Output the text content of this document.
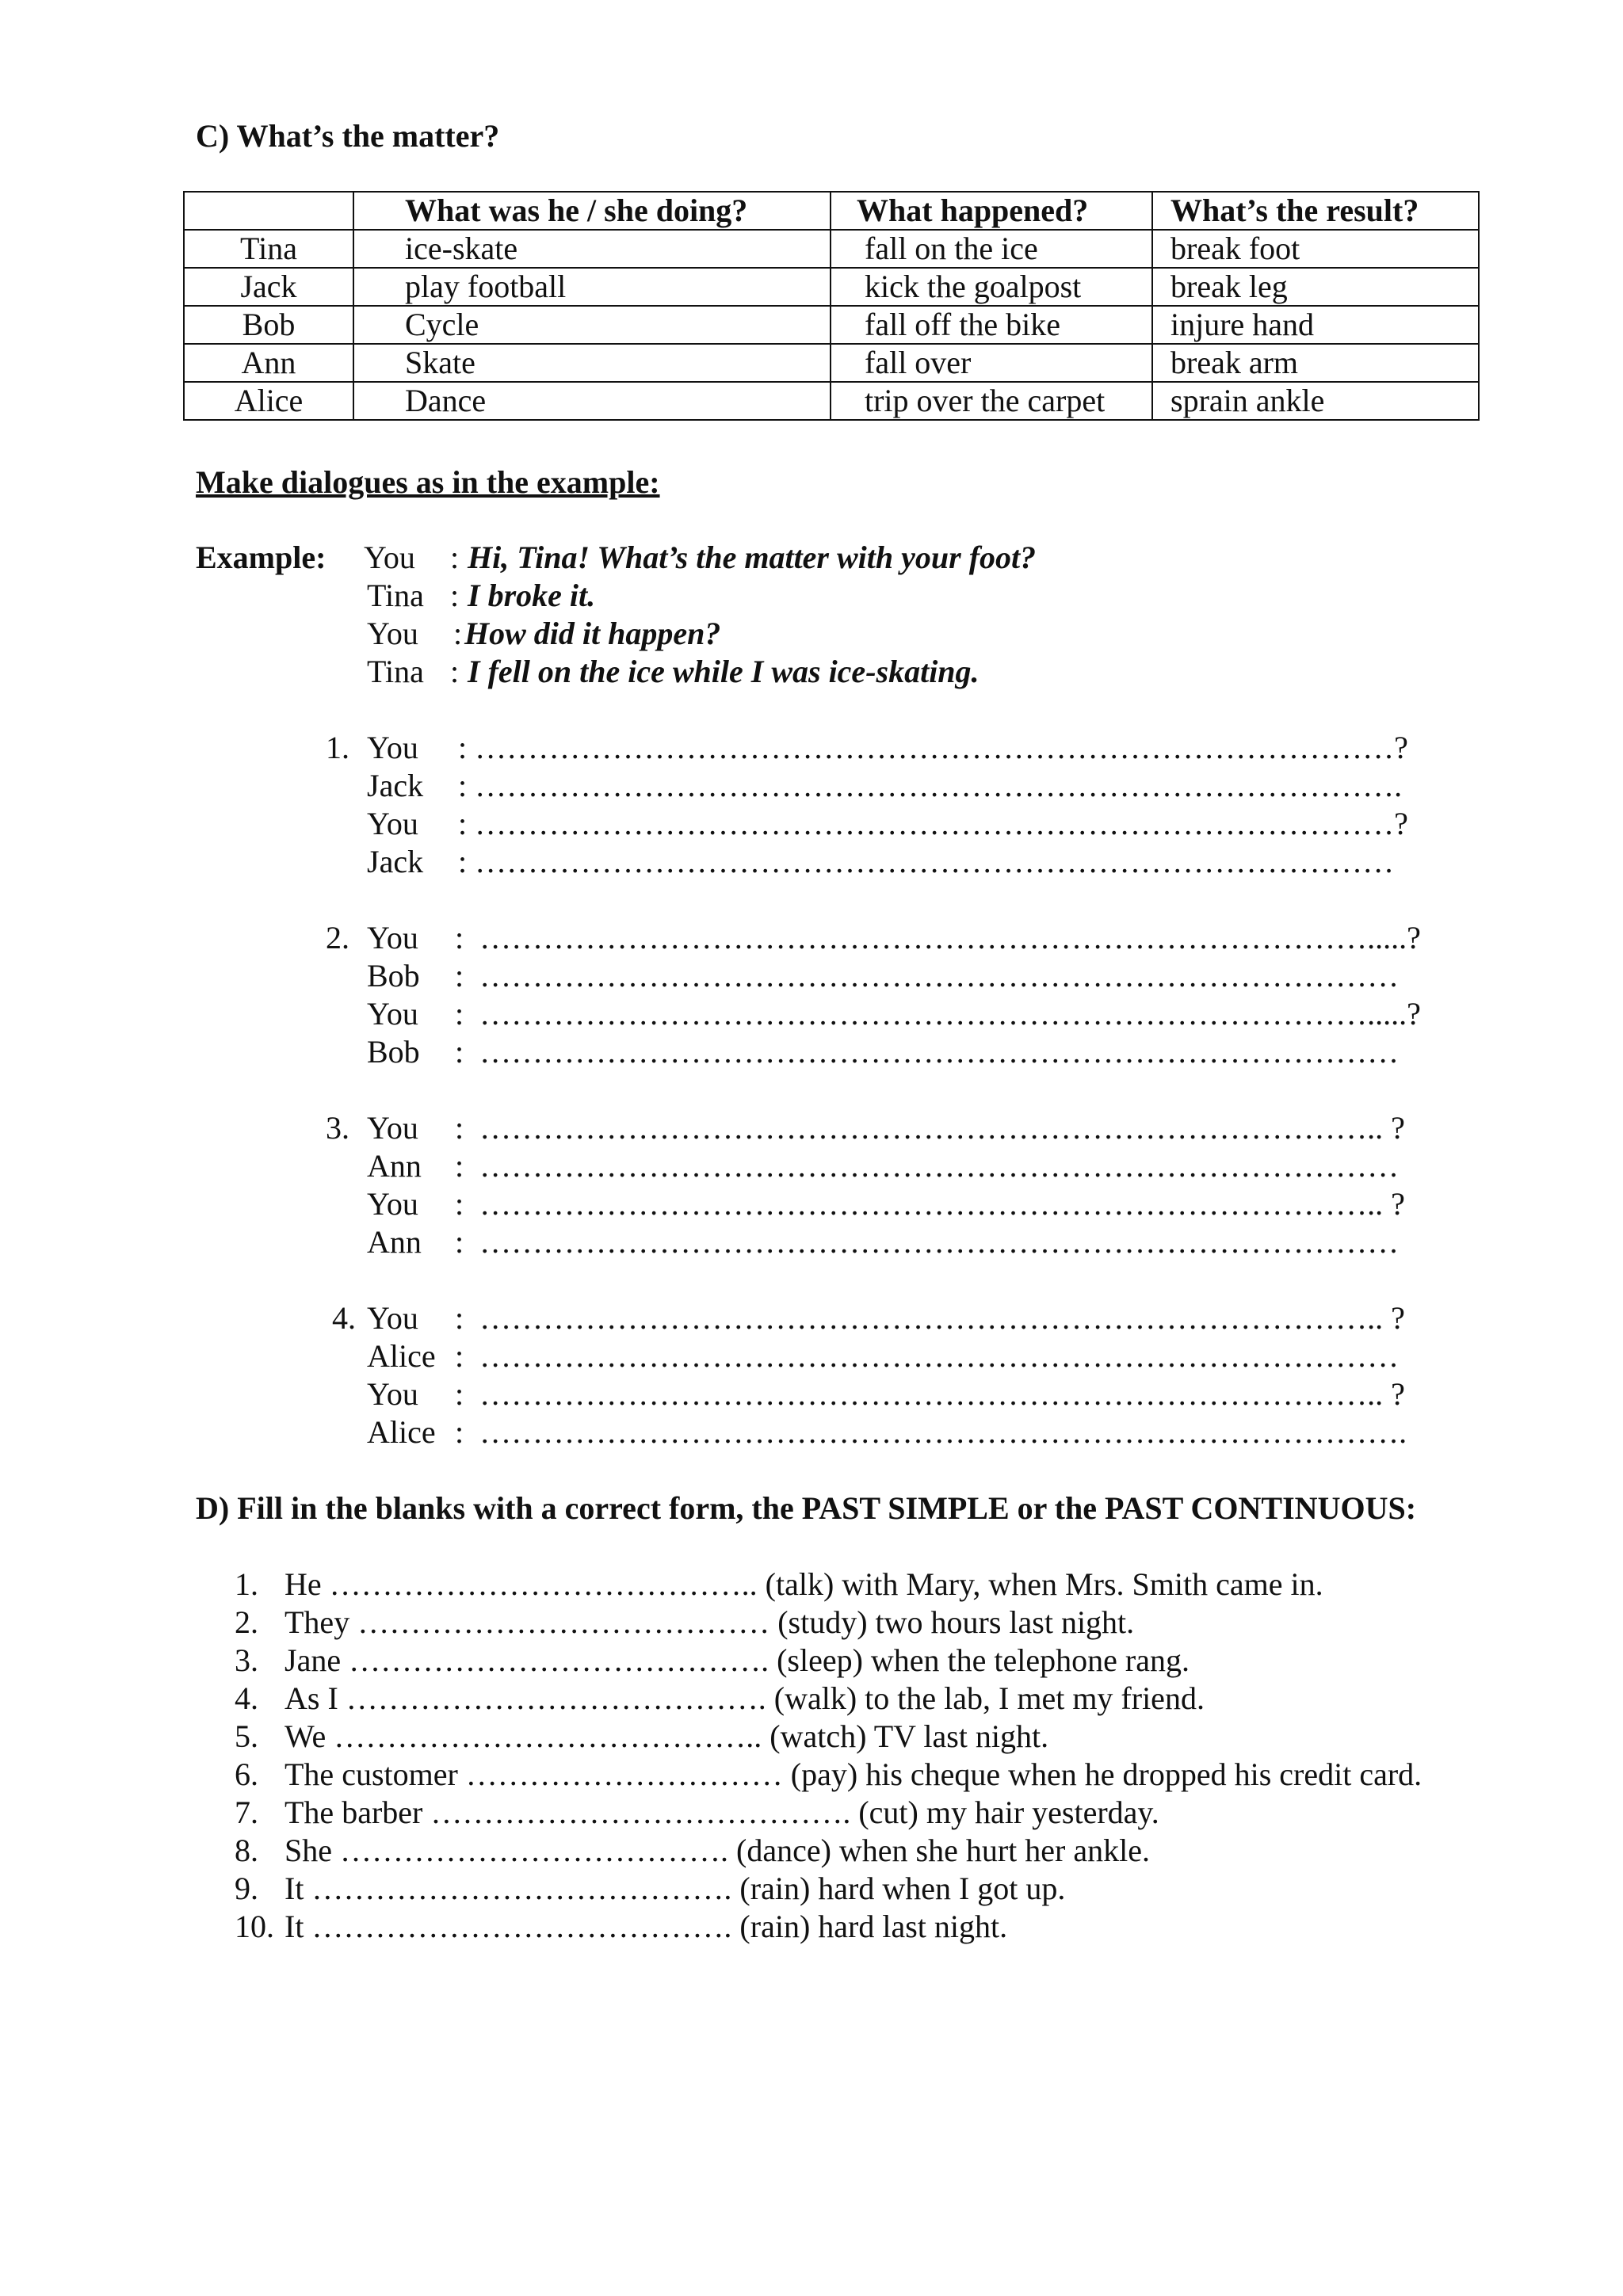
C) What’s the matter?
	What was he / she doing?	What happened?	What’s the result?
Tina	ice-skate	fall on the ice	break foot
Jack	play football	kick the goalpost	break leg
Bob	Cycle	fall off the bike	injure hand
Ann	Skate	fall over	break arm
Alice	Dance	trip over the carpet	sprain ankle
Make dialogues as in the example:
Example: You : Hi, Tina! What’s the matter with your foot?
Tina : I broke it.
You : How did it happen?
Tina : I fell on the ice while I was ice-skating.
1. You : ……………………………………………………………………………?
Jack : …………………………………………………………………………….
You : ……………………………………………………………………………?
Jack : ……………………………………………………………………………
2. You :  ………………………………………………………………………….....?
Bob :  ……………………………………………………………………………
You :  ………………………………………………………………………….....?
Bob :  ……………………………………………………………………………
3. You :  ………………………………………………………………………….. ?
Ann :  ……………………………………………………………………………
You :  ………………………………………………………………………….. ?
Ann :  ……………………………………………………………………………
4. You :  ………………………………………………………………………….. ?
Alice :  ……………………………………………………………………………
You :  ………………………………………………………………………….. ?
Alice :  …………………………………………………………………………….
D) Fill in the blanks with a correct form, the PAST SIMPLE or the PAST CONTINUOUS:
1. He ………………………………….. (talk) with Mary, when Mrs. Smith came in.
2. They ………………………………… (study) two hours last night.
3. Jane …………………………………. (sleep) when the telephone rang.
4. As I …………………………………. (walk) to the lab, I met my friend.
5. We ………………………………….. (watch) TV last night.
6. The customer ………………………… (pay) his cheque when he dropped his credit card.
7. The barber …………………………………. (cut) my hair yesterday.
8. She ………………………………. (dance) when she hurt her ankle.
9. It …………………………………. (rain) hard when I got up.
10. It …………………………………. (rain) hard last night.
